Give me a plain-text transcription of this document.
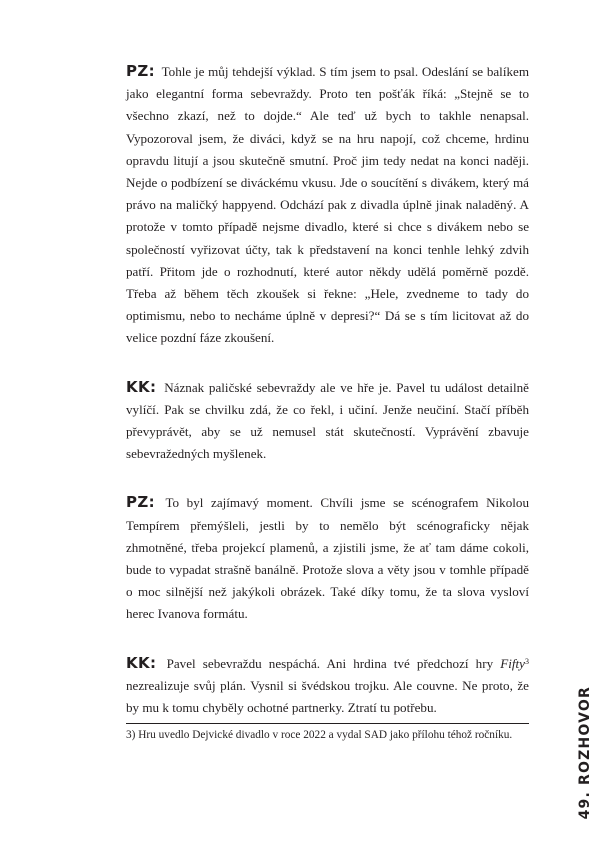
PZ: Tohle je můj tehdejší výklad. S tím jsem to psal. Odeslání se balíkem jako elegantní forma sebevraždy. Proto ten pošťák říká: „Stejně se to všechno zkazí, než to dojde.“ Ale teď už bych to takhle nenapsal. Vypozoroval jsem, že diváci, když se na hru napojí, což chceme, hrdinu opravdu litují a jsou skutečně smutní. Proč jim tedy nedat na konci naději. Nejde o podbízení se diváckému vkusu. Jde o soucítění s divákem, který má právo na maličký happyend. Odchází pak z divadla úplně jinak naladěný. A protože v tomto případě nejsme divadlo, které si chce s divákem nebo se společností vyřizovat účty, tak k představení na konci tenhle lehký zdvih patří. Přitom jde o rozhodnutí, které autor někdy udělá poměrně pozdě. Třeba až během těch zkoušek si řekne: „Hele, zvedneme to tady do optimismu, nebo to necháme úplně v depresi?“ Dá se s tím licitovat až do velice pozdní fáze zkoušení.

KK: Náznak paličské sebevraždy ale ve hře je. Pavel tu událost detailně vylíčí. Pak se chvilku zdá, že co řekl, i učiní. Jenže neučiní. Stačí příběh převyprávět, aby se už nemusel stát skutečností. Vyprávění zbavuje sebevražedných myšlenek.

PZ: To byl zajímavý moment. Chvíli jsme se scénografem Nikolou Tempírem přemýšleli, jestli by to nemělo být scénograficky nějak zhmotněné, třeba projekcí plamenů, a zjistili jsme, že ať tam dáme cokoli, bude to vypadat strašně banálně. Protože slova a věty jsou v tomhle případě o moc silnější než jakýkoli obrázek. Také díky tomu, že ta slova vysloví herec Ivanova formátu.

KK: Pavel sebevraždu nespáchá. Ani hrdina tvé předchozí hry Fifty$^3$ nezrealizuje svůj plán. Vysnil si švédskou trojku. Ale couvne. Ne proto, že by mu k tomu chyběly ochotné partnerky. Ztratí tu potřebu.

3) Hru uvedlo Dejvické divadlo v roce 2022 a vydal SAD jako přílohu téhož ročníku.	49. ROZHOVOR
